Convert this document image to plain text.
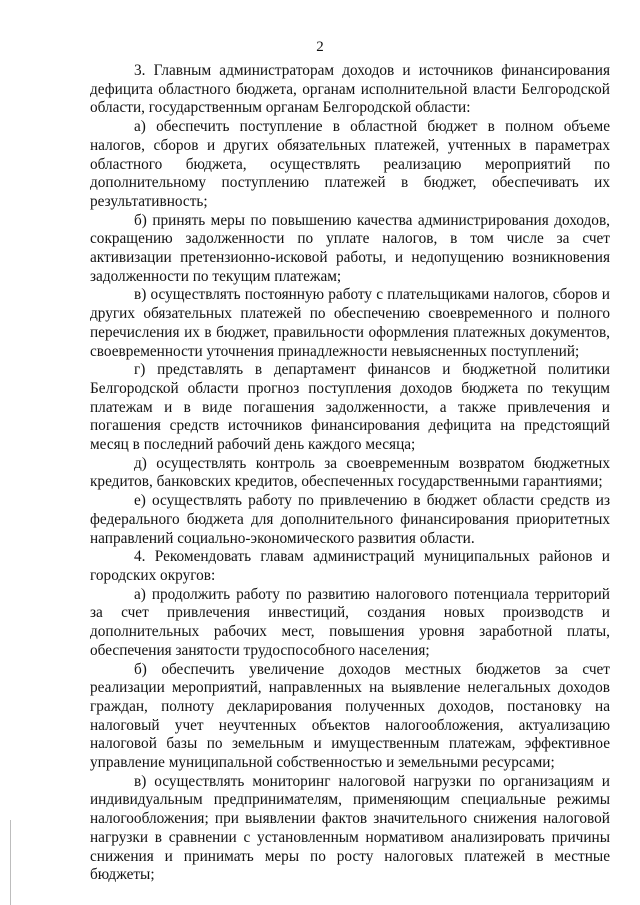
2

3. Главным администраторам доходов и источников финансирования дефицита областного бюджета, органам исполнительной власти Белгородской области, государственным органам Белгородской области:

а) обеспечить поступление в областной бюджет в полном объеме налогов, сборов и других обязательных платежей, учтенных в параметрах областного бюджета, осуществлять реализацию мероприятий по дополнительному поступлению платежей в бюджет, обеспечивать их результативность;

б) принять меры по повышению качества администрирования доходов, сокращению задолженности по уплате налогов, в том числе за счет активизации претензионно-исковой работы, и недопущению возникновения задолженности по текущим платежам;

в) осуществлять постоянную работу с плательщиками налогов, сборов и других обязательных платежей по обеспечению своевременного и полного перечисления их в бюджет, правильности оформления платежных документов, своевременности уточнения принадлежности невыясненных поступлений;

г) представлять в департамент финансов и бюджетной политики Белгородской области прогноз поступления доходов бюджета по текущим платежам и в виде погашения задолженности, а также привлечения и погашения средств источников финансирования дефицита на предстоящий месяц в последний рабочий день каждого месяца;

д) осуществлять контроль за своевременным возвратом бюджетных кредитов, банковских кредитов, обеспеченных государственными гарантиями;

е) осуществлять работу по привлечению в бюджет области средств из федерального бюджета для дополнительного финансирования приоритетных направлений социально-экономического развития области.

4. Рекомендовать главам администраций муниципальных районов и городских округов:

а) продолжить работу по развитию налогового потенциала территорий за счет привлечения инвестиций, создания новых производств и дополнительных рабочих мест, повышения уровня заработной платы, обеспечения занятости трудоспособного населения;

б) обеспечить увеличение доходов местных бюджетов за счет реализации мероприятий, направленных на выявление нелегальных доходов граждан, полноту декларирования полученных доходов, постановку на налоговый учет неучтенных объектов налогообложения, актуализацию налоговой базы по земельным и имущественным платежам, эффективное управление муниципальной собственностью и земельными ресурсами;

в) осуществлять мониторинг налоговой нагрузки по организациям и индивидуальным предпринимателям, применяющим специальные режимы налогообложения; при выявлении фактов значительного снижения налоговой нагрузки в сравнении с установленным нормативом анализировать причины снижения и принимать меры по росту налоговых платежей в местные бюджеты;
